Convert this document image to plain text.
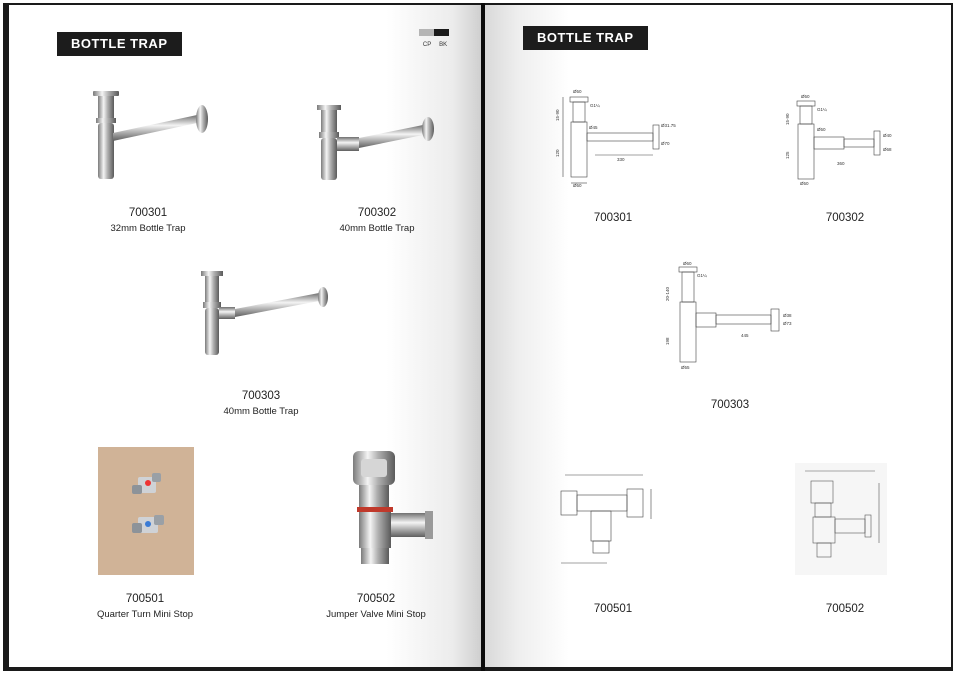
BOTTLE TRAP	CP BK
700301
32mm Bottle Trap
700302
40mm Bottle Trap
700303
40mm Bottle Trap
700501
Quarter Turn Mini Stop
700502
Jumper Valve Mini Stop
BOTTLE TRAP
Ø50
G1¼
15-90
Ø45
120
330
Ø31.75
Ø70
Ø50
Ø50
G1¼
15-90
Ø50
125
360
Ø40
Ø68
Ø50
Ø60
G1¼
20-140
198
445
Ø38
Ø73
Ø55
700301	700302
700303
700501	700502
